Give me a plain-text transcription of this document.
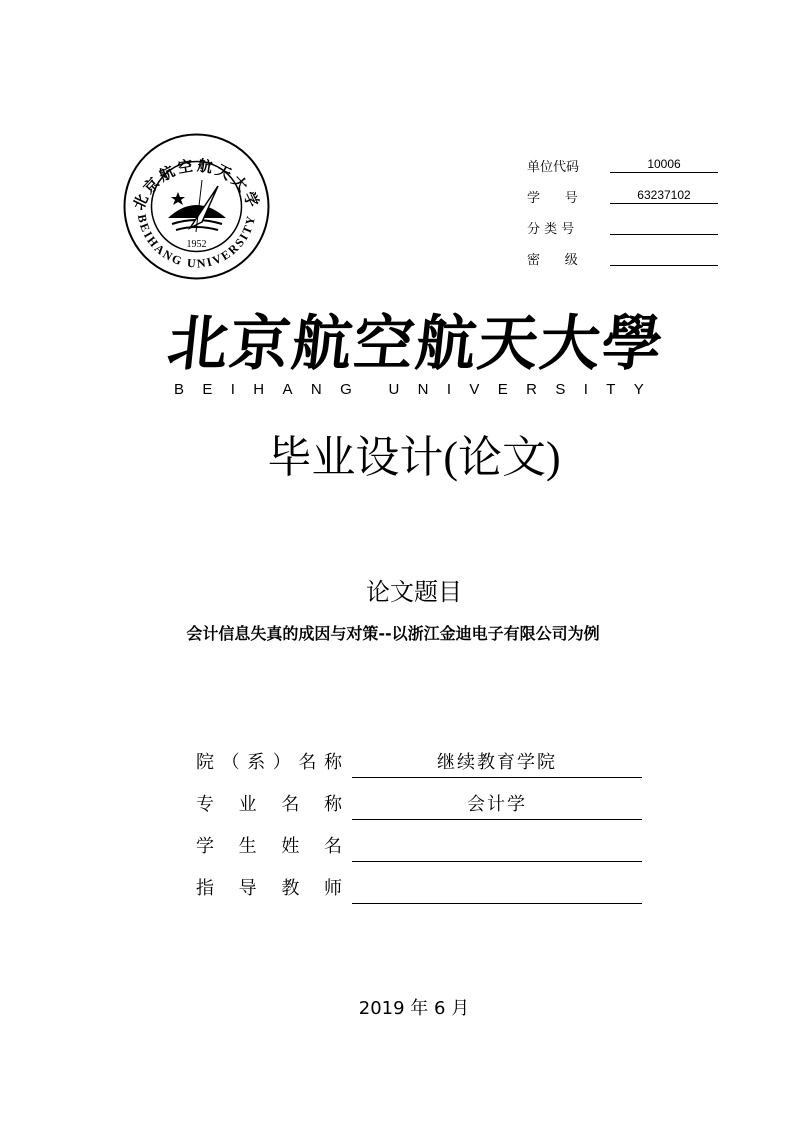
北京航空航天大学
BEIHANG UNIVERSITY
1952
单位代码	10006
学      号	63237102
分 类 号
密      级
北京航空航天大學
B E I H A N G U N I V E R S I T Y
毕业设计(论文)
论文题目
会计信息失真的成因与对策--以浙江金迪电子有限公司为例
院 （ 系 ） 名 称	继续教育学院
专 业 名 称	会计学
学 生 姓 名
指 导 教 师
2019 年 6 月
